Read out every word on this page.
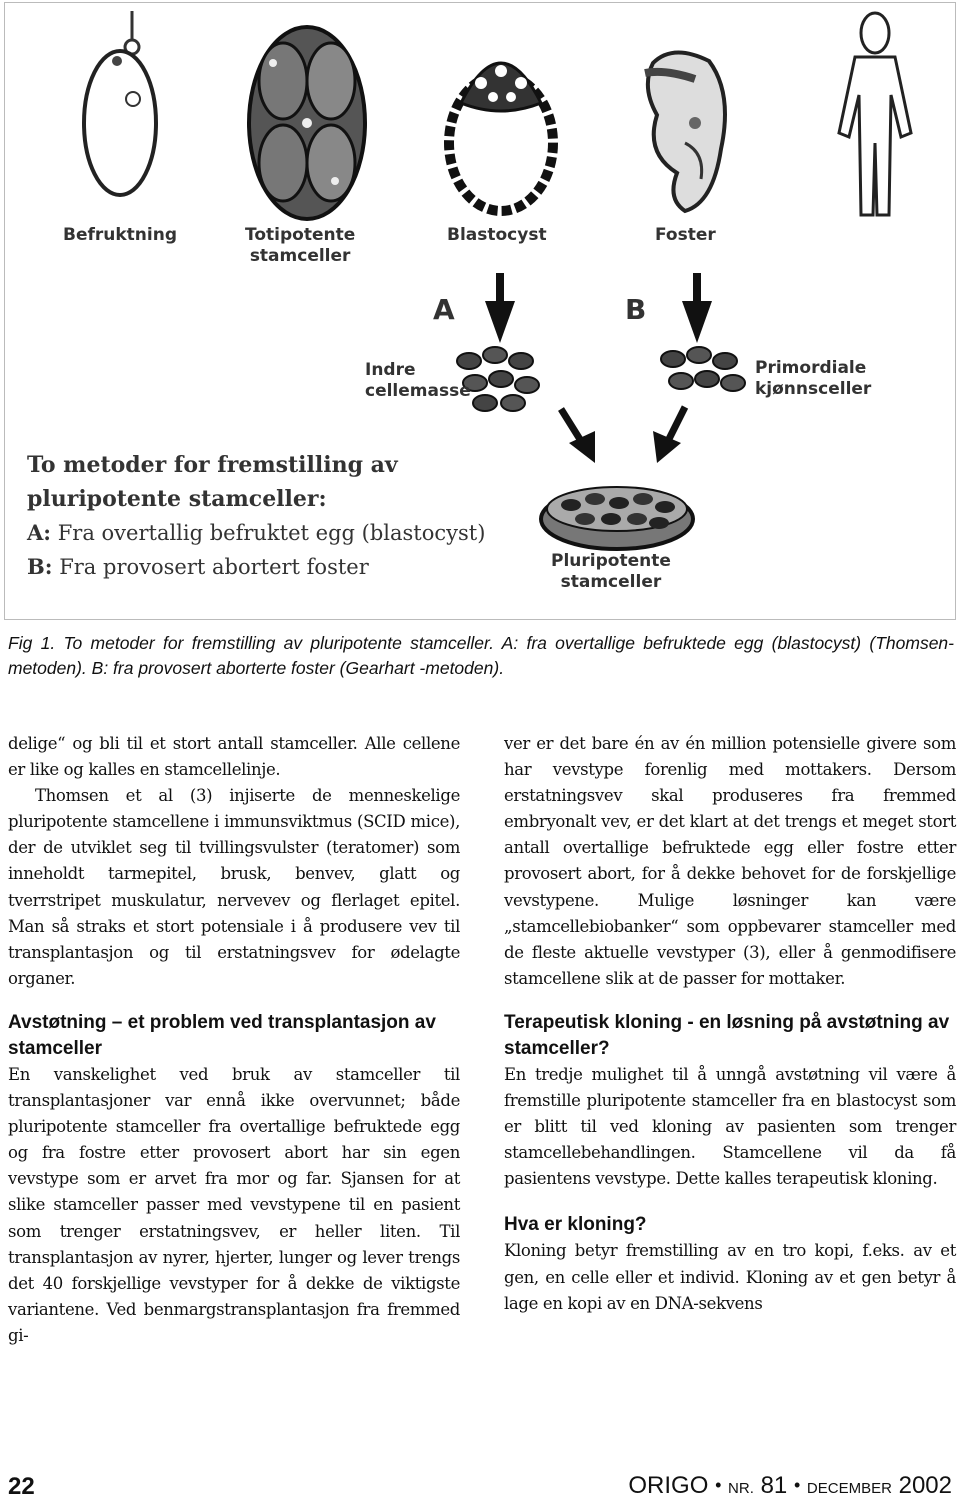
Befruktning	Totipotente
stamceller
Blastocyst	Foster
A	B
Indre
cellemasse
Primordiale
kjønnsceller
Pluripotente
stamceller
To metoder for fremstilling av
pluripotente stamceller:
A: Fra overtallig befruktet egg (blastocyst)
B: Fra provosert abortert foster
Fig 1. To metoder for fremstilling av pluripotente stamceller. A: fra overtallige befruktede egg (blastocyst) (Thomsen-metoden). B: fra provosert aborterte foster (Gearhart -metoden).

delige“ og bli til et stort antall stamceller. Alle cellene er like og kalles en stamcellelinje.

Thomsen et al (3) injiserte de menneskelige pluripotente stamcellene i immunsviktmus (SCID mice), der de utviklet seg til tvillingsvulster (teratomer) som inneholdt tarmepitel, brusk, benvev, glatt og tverrstripet muskulatur, nervevev og flerlaget epitel. Man så straks et stort potensiale i å produsere vev til transplantasjon og til erstatningsvev for ødelagte organer.

Avstøtning – et problem ved transplantasjon av stamceller

En vanskelighet ved bruk av stamceller til transplantasjoner var ennå ikke overvunnet; både pluripotente stamceller fra overtallige befruktede egg og fra fostre etter provosert abort har sin egen vevstype som er arvet fra mor og far. Sjansen for at slike stamceller passer med vevstypene til en pasient som trenger erstatningsvev, er heller liten. Til transplantasjon av nyrer, hjerter, lunger og lever trengs det 40 forskjellige vevstyper for å dekke de viktigste variantene. Ved benmargstransplantasjon fra fremmed gi-

ver er det bare én av én million potensielle givere som har vevstype forenlig med mottakers. Dersom erstatningsvev skal produseres fra fremmed embryonalt vev, er det klart at det trengs et meget stort antall overtallige befruktede egg eller fostre etter provosert abort, for å dekke behovet for de forskjellige vevstypene. Mulige løsninger kan være „stamcellebiobanker“ som oppbevarer stamceller med de fleste aktuelle vevstyper (3), eller å genmodifisere stamcellene slik at de passer for mottaker.

Terapeutisk kloning - en løsning på avstøtning av stamceller?

En tredje mulighet til å unngå avstøtning vil være å fremstille pluripotente stamceller fra en blastocyst som er blitt til ved kloning av pasienten som trenger stamcellebehandlingen. Stamcellene vil da få pasientens vevstype. Dette kalles terapeutisk kloning.

Hva er kloning?

Kloning betyr fremstilling av en tro kopi, f.eks. av et gen, en celle eller et individ. Kloning av et gen betyr å lage en kopi av en DNA-sekvens

22	ORIGO • NR. 81 • DECEMBER 2002
